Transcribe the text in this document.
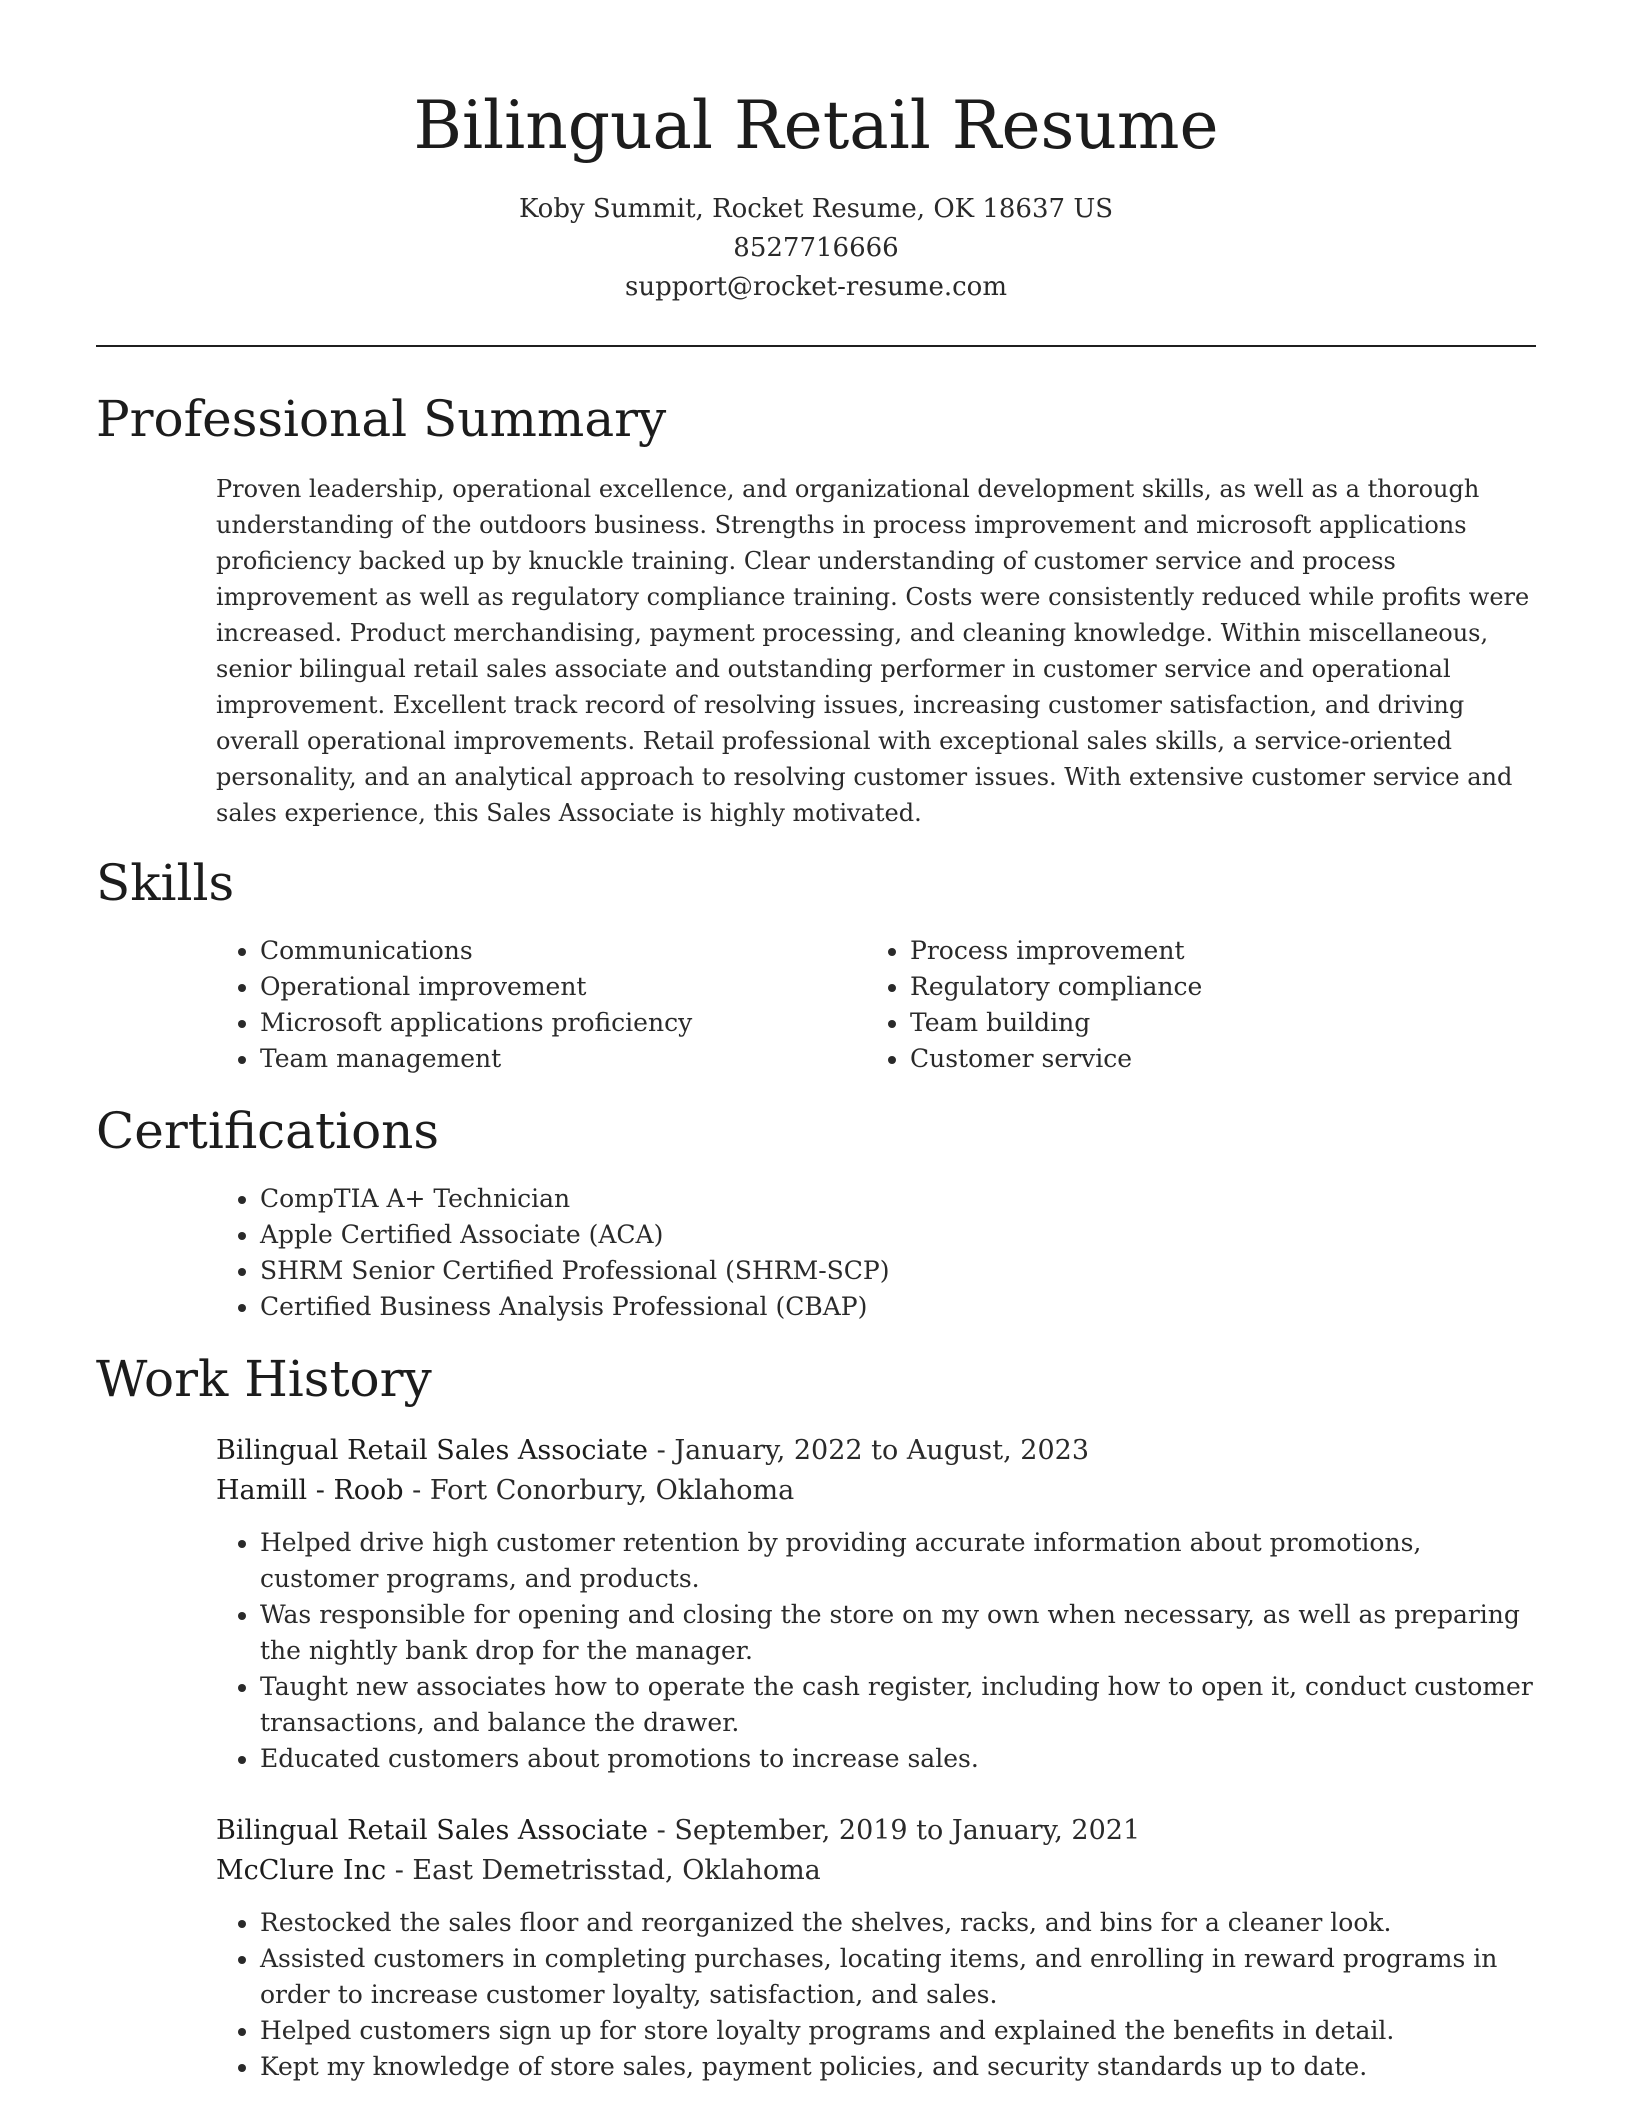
Bilingual Retail Resume
Koby Summit, Rocket Resume, OK 18637 US
8527716666
support@rocket-resume.com
Professional Summary

Proven leadership, operational excellence, and organizational development skills, as well as a thorough understanding of the outdoors business. Strengths in process improvement and microsoft applications proficiency backed up by knuckle training. Clear understanding of customer service and process improvement as well as regulatory compliance training. Costs were consistently reduced while profits were increased. Product merchandising, payment processing, and cleaning knowledge. Within miscellaneous, senior bilingual retail sales associate and outstanding performer in customer service and operational improvement. Excellent track record of resolving issues, increasing customer satisfaction, and driving overall operational improvements. Retail professional with exceptional sales skills, a service-oriented personality, and an analytical approach to resolving customer issues. With extensive customer service and sales experience, this Sales Associate is highly motivated.

Skills
• Communications
• Operational improvement
• Microsoft applications proficiency
• Team management
• Process improvement
• Regulatory compliance
• Team building
• Customer service
Certifications
• CompTIA A+ Technician
• Apple Certified Associate (ACA)
• SHRM Senior Certified Professional (SHRM-SCP)
• Certified Business Analysis Professional (CBAP)
Work History
Bilingual Retail Sales Associate - January, 2022 to August, 2023
Hamill - Roob - Fort Conorbury, Oklahoma
• Helped drive high customer retention by providing accurate information about promotions, customer programs, and products.
• Was responsible for opening and closing the store on my own when necessary, as well as preparing the nightly bank drop for the manager.
• Taught new associates how to operate the cash register, including how to open it, conduct customer transactions, and balance the drawer.
• Educated customers about promotions to increase sales.
Bilingual Retail Sales Associate - September, 2019 to January, 2021
McClure Inc - East Demetrisstad, Oklahoma
• Restocked the sales floor and reorganized the shelves, racks, and bins for a cleaner look.
• Assisted customers in completing purchases, locating items, and enrolling in reward programs in order to increase customer loyalty, satisfaction, and sales.
• Helped customers sign up for store loyalty programs and explained the benefits in detail.
• Kept my knowledge of store sales, payment policies, and security standards up to date.
